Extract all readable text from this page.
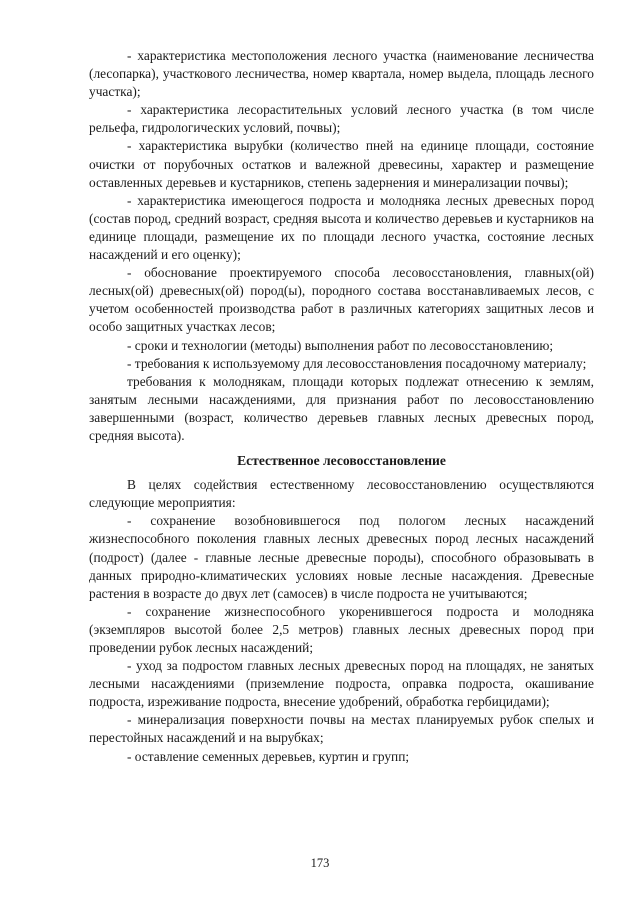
- характеристика местоположения лесного участка (наименование лесничества (лесопарка), участкового лесничества, номер квартала, номер выдела, площадь лесного участка);

- характеристика лесорастительных условий лесного участка (в том числе рельефа, гидрологических условий, почвы);

- характеристика вырубки (количество пней на единице площади, состояние очистки от порубочных остатков и валежной древесины, характер и размещение оставленных деревьев и кустарников, степень задернения и минерализации почвы);

- характеристика имеющегося подроста и молодняка лесных древесных пород (состав пород, средний возраст, средняя высота и количество деревьев и кустарников на единице площади, размещение их по площади лесного участка, состояние лесных насаждений и его оценку);

- обоснование проектируемого способа лесовосстановления, главных(ой) лесных(ой) древесных(ой) пород(ы), породного состава восстанавливаемых лесов, с учетом особенностей производства работ в различных категориях защитных лесов и особо защитных участках лесов;

- сроки и технологии (методы) выполнения работ по лесовосстановлению;

- требования к используемому для лесовосстановления посадочному материалу;

требования к молоднякам, площади которых подлежат отнесению к землям, занятым лесными насаждениями, для признания работ по лесовосстановлению завершенными (возраст, количество деревьев главных лесных древесных пород, средняя высота).

Естественное лесовосстановление

В целях содействия естественному лесовосстановлению осуществляются следующие мероприятия:

- сохранение возобновившегося под пологом лесных насаждений жизнеспособного поколения главных лесных древесных пород лесных насаждений (подрост) (далее - главные лесные древесные породы), способного образовывать в данных природно-климатических условиях новые лесные насаждения. Древесные растения в возрасте до двух лет (самосев) в числе подроста не учитываются;

- сохранение жизнеспособного укоренившегося подроста и молодняка (экземпляров высотой более 2,5 метров) главных лесных древесных пород при проведении рубок лесных насаждений;

- уход за подростом главных лесных древесных пород на площадях, не занятых лесными насаждениями (приземление подроста, оправка подроста, окашивание подроста, изреживание подроста, внесение удобрений, обработка гербицидами);

- минерализация поверхности почвы на местах планируемых рубок спелых и перестойных насаждений и на вырубках;

- оставление семенных деревьев, куртин и групп;

173
